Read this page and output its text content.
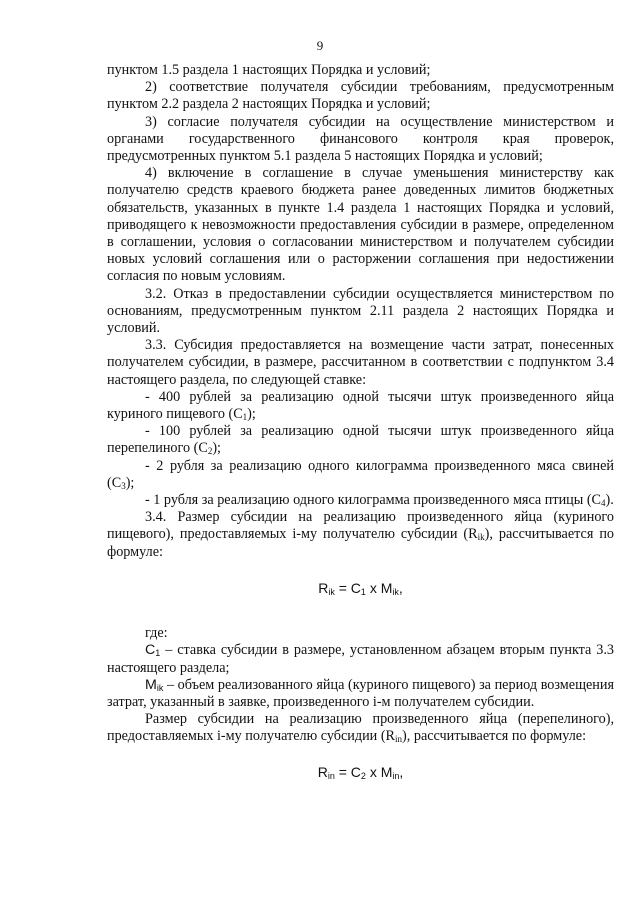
9

пунктом 1.5 раздела 1 настоящих Порядка и условий;

2) соответствие получателя субсидии требованиям, предусмотренным пунктом 2.2 раздела 2 настоящих Порядка и условий;

3) согласие получателя субсидии на осуществление министерством и органами государственного финансового контроля края проверок, предусмотренных пунктом 5.1 раздела 5 настоящих Порядка и условий;

4) включение в соглашение в случае уменьшения министерству как получателю средств краевого бюджета ранее доведенных лимитов бюджетных обязательств, указанных в пункте 1.4 раздела 1 настоящих Порядка и условий, приводящего к невозможности предоставления субсидии в размере, определенном в соглашении, условия о согласовании министерством и получателем субсидии новых условий соглашения или о расторжении соглашения при недостижении согласия по новым условиям.

3.2. Отказ в предоставлении субсидии осуществляется министерством по основаниям, предусмотренным пунктом 2.11 раздела 2 настоящих Порядка и условий.

3.3. Субсидия предоставляется на возмещение части затрат, понесенных получателем субсидии, в размере, рассчитанном в соответствии с подпунктом 3.4 настоящего раздела, по следующей ставке:

- 400 рублей за реализацию одной тысячи штук произведенного яйца куриного пищевого $(C_1)$;

- 100 рублей за реализацию одной тысячи штук произведенного яйца перепелиного $(C_2)$;

- 2 рубля за реализацию одного килограмма произведенного мяса свиней $(C_3)$;

- 1 рубля за реализацию одного килограмма произведенного мяса птицы $(C_4)$.

3.4. Размер субсидии на реализацию произведенного яйца (куриного пищевого), предоставляемых i-му получателю субсидии $(R_{ik})$, рассчитывается по формуле:

$R_{ik} = C_1$ x $M_{ik}$,

где:

$C_1$ – ставка субсидии в размере, установленном абзацем вторым пункта 3.3 настоящего раздела;

$M_{ik}$ – объем реализованного яйца (куриного пищевого) за период возмещения затрат, указанный в заявке, произведенного i-м получателем субсидии.

Размер субсидии на реализацию произведенного яйца (перепелиного), предоставляемых i-му получателю субсидии $(R_{in})$, рассчитывается по формуле:

$R_{in} = C_2$ x $M_{in}$,
